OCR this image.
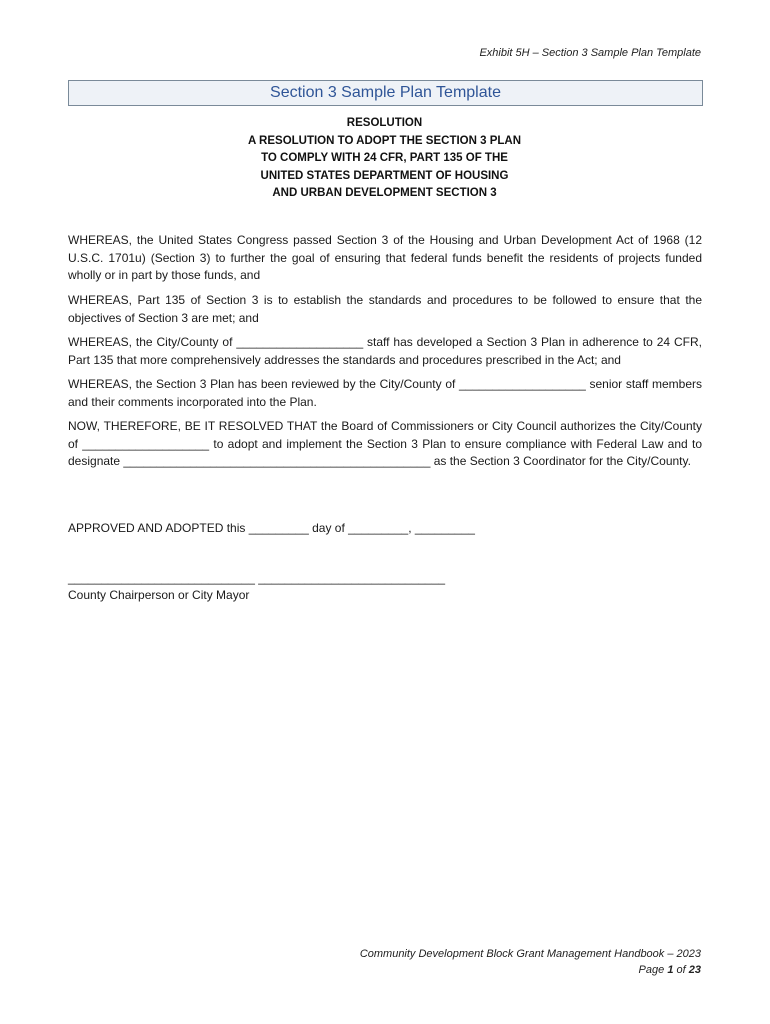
Exhibit 5H – Section 3 Sample Plan Template
Section 3 Sample Plan Template
RESOLUTION
A RESOLUTION TO ADOPT THE SECTION 3 PLAN
TO COMPLY WITH 24 CFR, PART 135 OF THE
UNITED STATES DEPARTMENT OF HOUSING
AND URBAN DEVELOPMENT SECTION 3
WHEREAS, the United States Congress passed Section 3 of the Housing and Urban Development Act of 1968 (12 U.S.C. 1701u) (Section 3) to further the goal of ensuring that federal funds benefit the residents of projects funded wholly or in part by those funds, and
WHEREAS, Part 135 of Section 3 is to establish the standards and procedures to be followed to ensure that the objectives of Section 3 are met; and
WHEREAS, the City/County of ___________________ staff has developed a Section 3 Plan in adherence to 24 CFR, Part 135 that more comprehensively addresses the standards and procedures prescribed in the Act; and
WHEREAS, the Section 3 Plan has been reviewed by the City/County of ___________________ senior staff members and their comments incorporated into the Plan.
NOW, THEREFORE, BE IT RESOLVED THAT the Board of Commissioners or City Council authorizes the City/County of ___________________ to adopt and implement the Section 3 Plan to ensure compliance with Federal Law and to designate ______________________________________________ as the Section 3 Coordinator for the City/County.
APPROVED AND ADOPTED this _________ day of _________, _________
____________________________ ____________________________
County Chairperson or City Mayor
Community Development Block Grant Management Handbook – 2023
Page 1 of 23
